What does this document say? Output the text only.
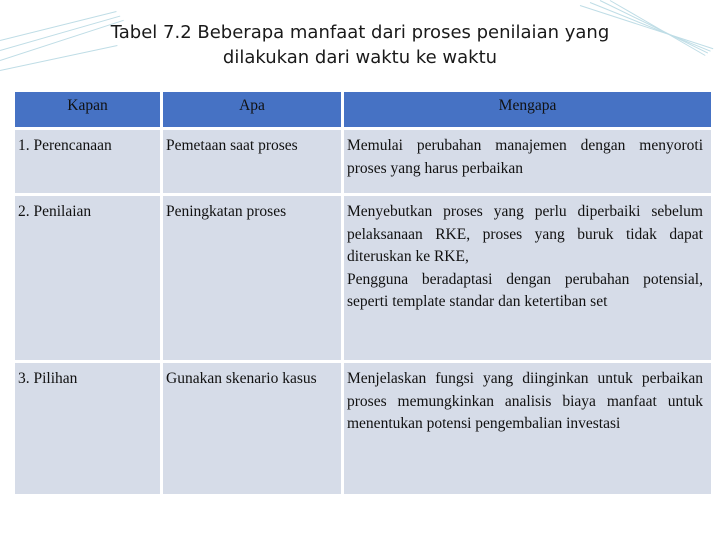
Tabel 7.2 Beberapa manfaat dari proses penilaian yang
dilakukan dari waktu ke waktu
Kapan	Apa	Mengapa

1. Perencanaan	Pemetaan saat proses	Memulai perubahan manajemen dengan menyoroti proses yang harus perbaikan

2. Penilaian	Peningkatan proses	Menyebutkan proses yang perlu diperbaiki sebelum pelaksanaan RKE, proses yang buruk tidak dapat diteruskan ke RKE,
Pengguna beradaptasi dengan perubahan potensial, seperti template standar dan ketertiban set

3. Pilihan	Gunakan skenario kasus	Menjelaskan fungsi yang diinginkan untuk perbaikan proses memungkinkan analisis biaya manfaat untuk menentukan potensi pengembalian investasi
